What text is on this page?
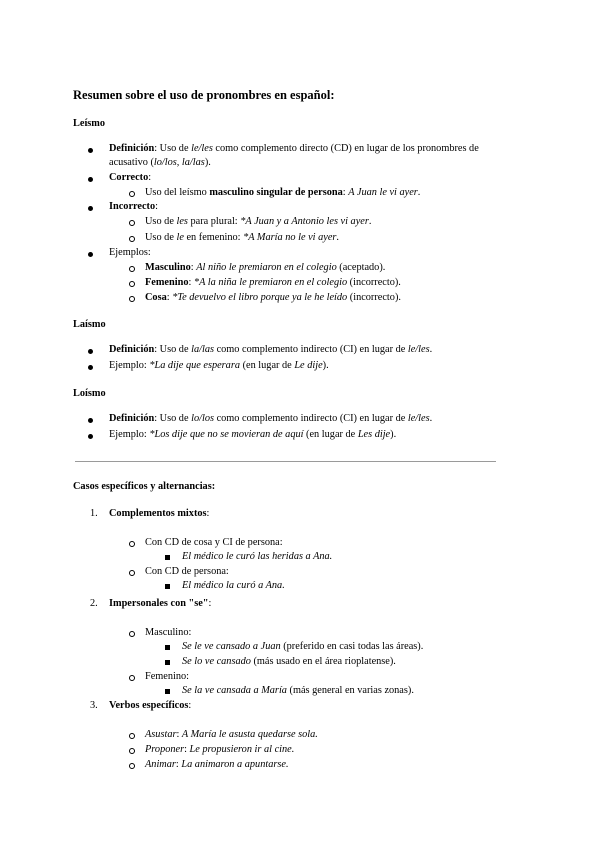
Resumen sobre el uso de pronombres en español:
Leísmo
Definición: Uso de le/les como complemento directo (CD) en lugar de los pronombres de acusativo (lo/los, la/las).
Correcto:
Uso del leísmo masculino singular de persona: A Juan le vi ayer.
Incorrecto:
Uso de les para plural: *A Juan y a Antonio les vi ayer.
Uso de le en femenino: *A María no le vi ayer.
Ejemplos:
Masculino: Al niño le premiaron en el colegio (aceptado).
Femenino: *A la niña le premiaron en el colegio (incorrecto).
Cosa: *Te devuelvo el libro porque ya le he leído (incorrecto).
Laísmo
Definición: Uso de la/las como complemento indirecto (CI) en lugar de le/les.
Ejemplo: *La dije que esperara (en lugar de Le dije).
Loísmo
Definición: Uso de lo/los como complemento indirecto (CI) en lugar de le/les.
Ejemplo: *Los dije que no se movieran de aquí (en lugar de Les dije).
Casos específicos y alternancias:
1. Complementos mixtos:
Con CD de cosa y CI de persona:
El médico le curó las heridas a Ana.
Con CD de persona:
El médico la curó a Ana.
2. Impersonales con "se":
Masculino:
Se le ve cansado a Juan (preferido en casi todas las áreas).
Se lo ve cansado (más usado en el área rioplatense).
Femenino:
Se la ve cansada a María (más general en varias zonas).
3. Verbos específicos:
Asustar: A María le asusta quedarse sola.
Proponer: Le propusieron ir al cine.
Animar: La animaron a apuntarse.
